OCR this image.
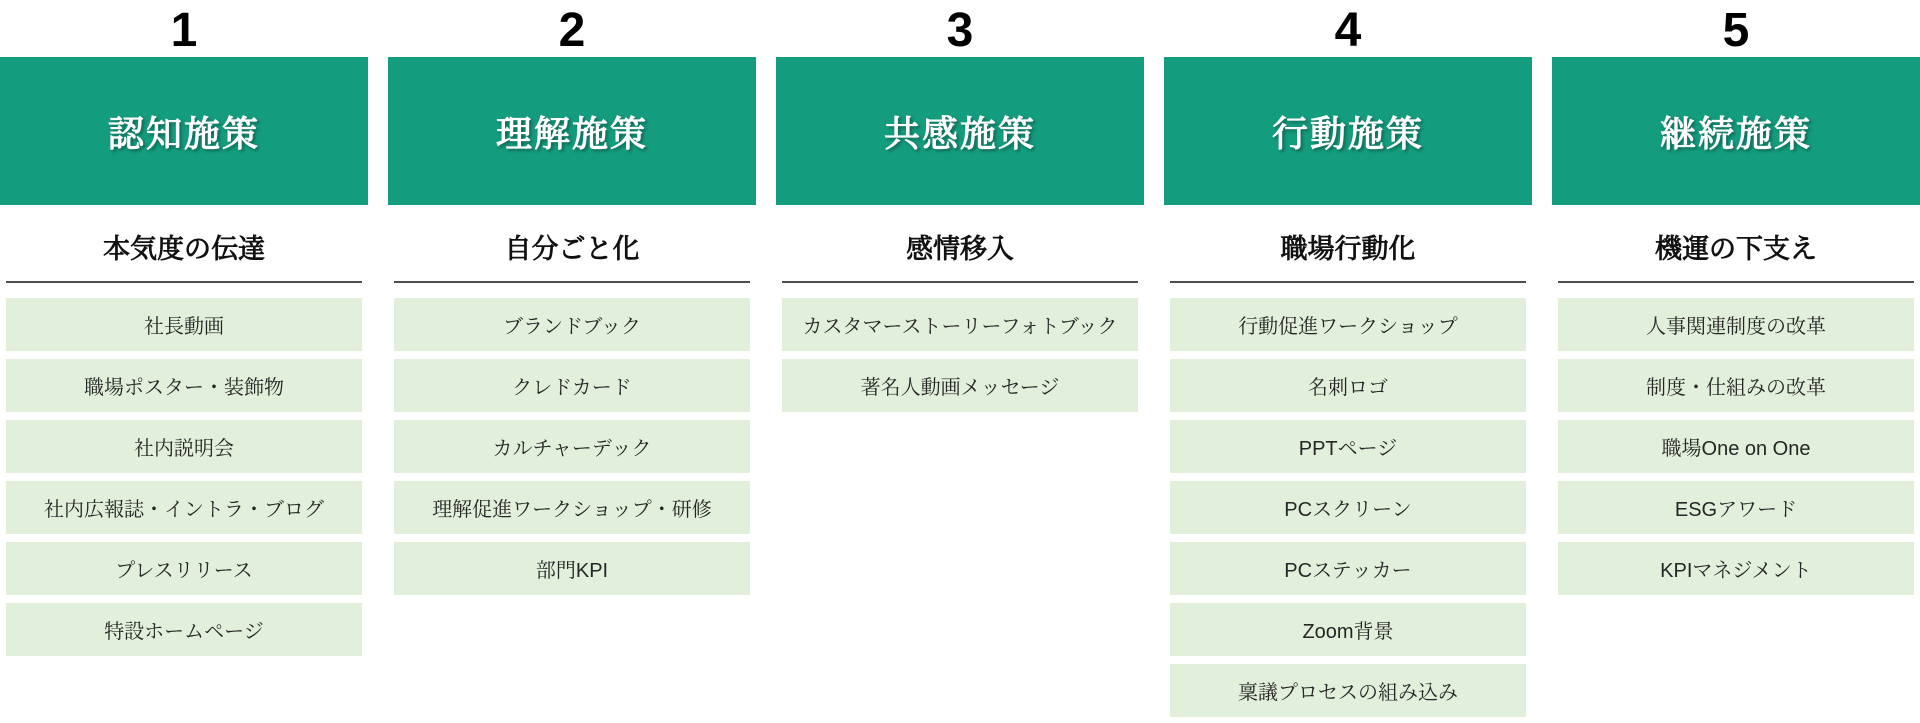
1
認知施策
本気度の伝達
社長動画
職場ポスター・装飾物
社内説明会
社内広報誌・イントラ・ブログ
プレスリリース
特設ホームページ
2
理解施策
自分ごと化
ブランドブック
クレドカード
カルチャーデック
理解促進ワークショップ・研修
部門KPI
3
共感施策
感情移入
カスタマーストーリーフォトブック
著名人動画メッセージ
4
行動施策
職場行動化
行動促進ワークショップ
名刺ロゴ
PPTページ
PCスクリーン
PCステッカー
Zoom背景
稟議プロセスの組み込み
5
継続施策
機運の下支え
人事関連制度の改革
制度・仕組みの改革
職場One on One
ESGアワード
KPIマネジメント
